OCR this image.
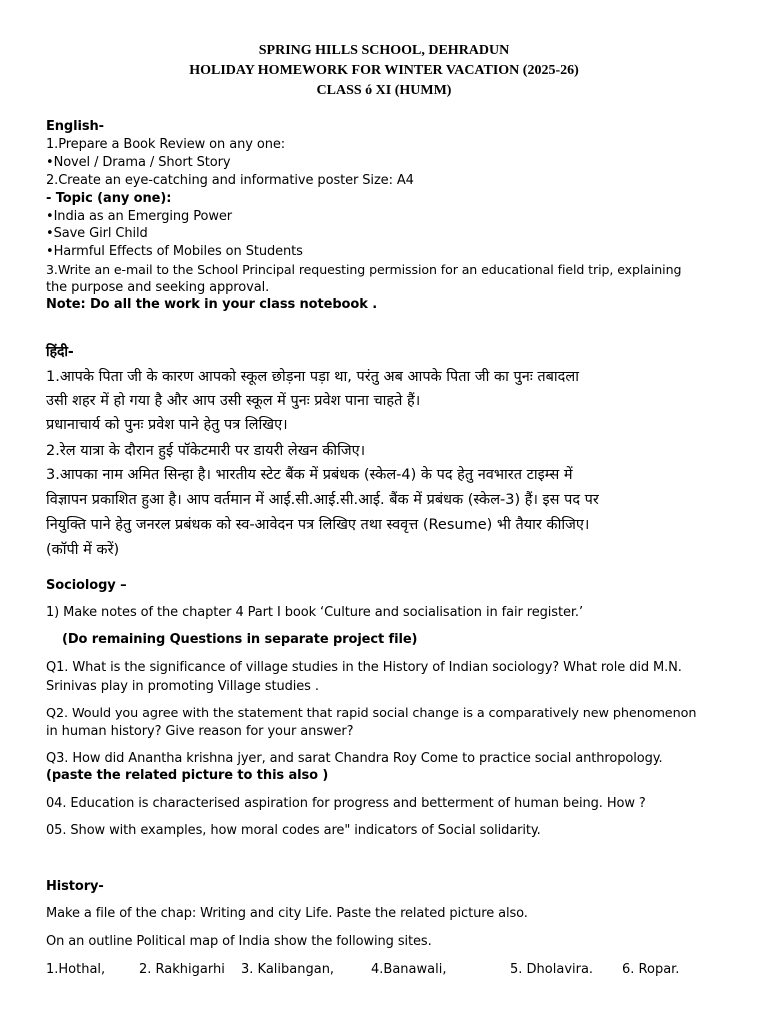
SPRING HILLS SCHOOL, DEHRADUN
HOLIDAY HOMEWORK FOR WINTER VACATION (2025-26)
CLASS ó XI (HUMM)
English-
1.Prepare a Book Review on any one:
•Novel / Drama / Short Story
2.Create an eye-catching and informative poster Size: A4
- Topic (any one):
•India as an Emerging Power
•Save Girl Child
•Harmful Effects of Mobiles on Students
3.Write an e-mail to the School Principal requesting permission for an educational field trip, explaining
the purpose and seeking approval.
Note: Do all the work in your class notebook .
हिंदी-
1.आपके पिता जी के कारण आपको स्कूल छोड़ना पड़ा था, परंतु अब आपके पिता जी का पुनः तबादला
उसी शहर में हो गया है और आप उसी स्कूल में पुनः प्रवेश पाना चाहते हैं।
प्रधानाचार्य को पुनः प्रवेश पाने हेतु पत्र लिखिए।
2.रेल यात्रा के दौरान हुई पॉकेटमारी पर डायरी लेखन कीजिए।
3.आपका नाम अमित सिन्हा है। भारतीय स्टेट बैंक में प्रबंधक (स्केल-4) के पद हेतु नवभारत टाइम्स में
विज्ञापन प्रकाशित हुआ है। आप वर्तमान में आई.सी.आई.सी.आई. बैंक में प्रबंधक (स्केल-3) हैं। इस पद पर
नियुक्ति पाने हेतु जनरल प्रबंधक को स्व-आवेदन पत्र लिखिए तथा स्ववृत्त (Resume) भी तैयार कीजिए।
(कॉपी में करें)
Sociology –
1) Make notes of the chapter 4 Part I book ‘Culture and socialisation in fair register.’
(Do remaining Questions in separate project file)
Q1. What is the significance of village studies in the History of Indian sociology? What role did M.N.
Srinivas play in promoting Village studies .
Q2. Would you agree with the statement that rapid social change is a comparatively new phenomenon
in human history? Give reason for your answer?
Q3. How did Anantha krishna jyer, and sarat Chandra Roy Come to practice social anthropology.
(paste the related picture to this also )
04. Education is characterised aspiration for progress and betterment of human being. How ?
05. Show with examples, how moral codes are" indicators of Social solidarity.
History-
Make a file of the chap: Writing and city Life. Paste the related picture also.
On an outline Political map of India show the following sites.
1.Hothal,	2. Rakhigarhi 3. Kalibangan,	4.Banawali,	5. Dholavira. 6. Ropar.
